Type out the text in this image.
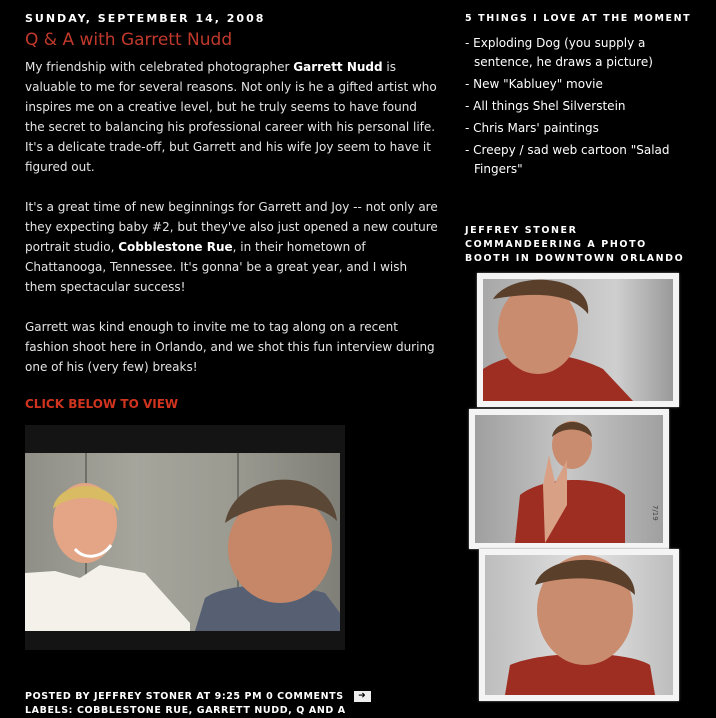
SUNDAY, SEPTEMBER 14, 2008
Q & A with Garrett Nudd

My friendship with celebrated photographer Garrett Nudd is valuable to me for several reasons. Not only is he a gifted artist who inspires me on a creative level, but he truly seems to have found the secret to balancing his professional career with his personal life. It's a delicate trade-off, but Garrett and his wife Joy seem to have it figured out.

It's a great time of new beginnings for Garrett and Joy -- not only are they expecting baby #2, but they've also just opened a new couture portrait studio, Cobblestone Rue, in their hometown of Chattanooga, Tennessee. It's gonna' be a great year, and I wish them spectacular success!

Garrett was kind enough to invite me to tag along on a recent fashion shoot here in Orlando, and we shot this fun interview during one of his (very few) breaks!

CLICK BELOW TO VIEW
POSTED BY JEFFREY STONER AT 9:25 PM 0 COMMENTS ➜
LABELS: COBBLESTONE RUE, GARRETT NUDD, Q AND A
5 THINGS I LOVE AT THE MOMENT
- Exploding Dog (you supply a sentence, he draws a picture)
- New "Kabluey" movie
- All things Shel Silverstein
- Chris Mars' paintings
- Creepy / sad web cartoon "Salad Fingers"
JEFFREY STONER COMMANDEERING A PHOTO BOOTH IN DOWNTOWN ORLANDO
7/19
